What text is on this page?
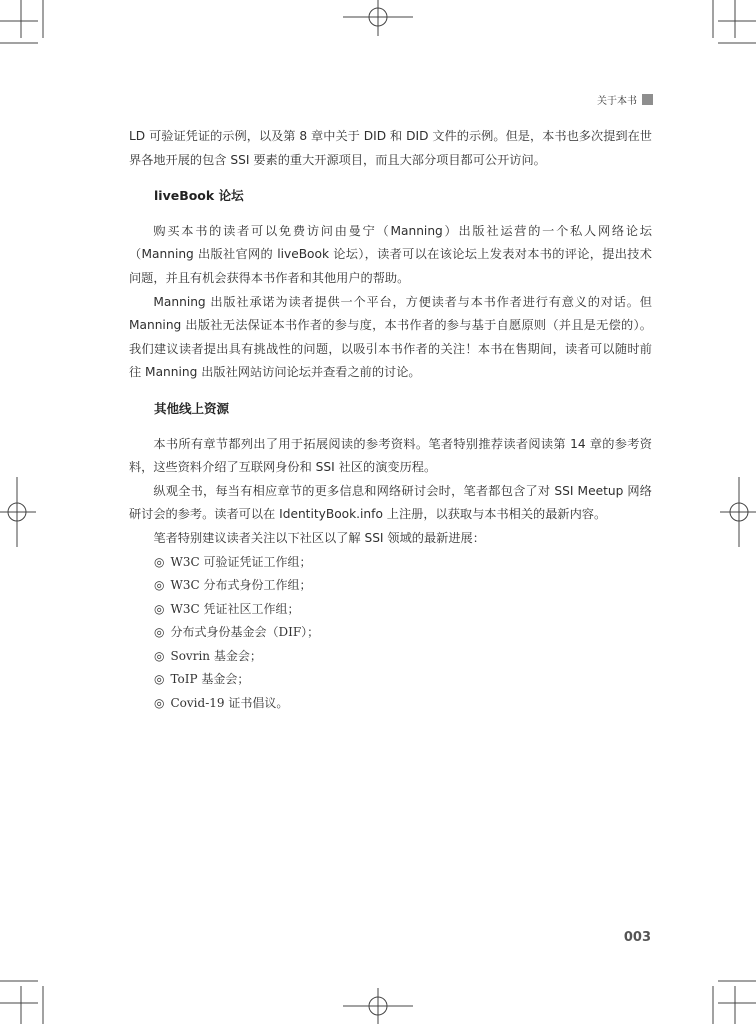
关于本书

LD 可验证凭证的示例，以及第 8 章中关于 DID 和 DID 文件的示例。但是，本书也多次提到在世界各地开展的包含 SSI 要素的重大开源项目，而且大部分项目都可公开访问。

liveBook 论坛

购买本书的读者可以免费访问由曼宁（Manning）出版社运营的一个私人网络论坛（Manning 出版社官网的 liveBook 论坛），读者可以在该论坛上发表对本书的评论，提出技术问题，并且有机会获得本书作者和其他用户的帮助。

Manning 出版社承诺为读者提供一个平台，方便读者与本书作者进行有意义的对话。但 Manning 出版社无法保证本书作者的参与度，本书作者的参与基于自愿原则（并且是无偿的）。我们建议读者提出具有挑战性的问题，以吸引本书作者的关注！本书在售期间，读者可以随时前往 Manning 出版社网站访问论坛并查看之前的讨论。

其他线上资源

本书所有章节都列出了用于拓展阅读的参考资料。笔者特别推荐读者阅读第 14 章的参考资料，这些资料介绍了互联网身份和 SSI 社区的演变历程。

纵观全书，每当有相应章节的更多信息和网络研讨会时，笔者都包含了对 SSI Meetup 网络研讨会的参考。读者可以在 IdentityBook.info 上注册，以获取与本书相关的最新内容。

笔者特别建议读者关注以下社区以了解 SSI 领域的最新进展：

◎ W3C 可验证凭证工作组；
◎ W3C 分布式身份工作组；
◎ W3C 凭证社区工作组；
◎ 分布式身份基金会（DIF）；
◎ Sovrin 基金会；
◎ ToIP 基金会；
◎ Covid-19 证书倡议。
003
